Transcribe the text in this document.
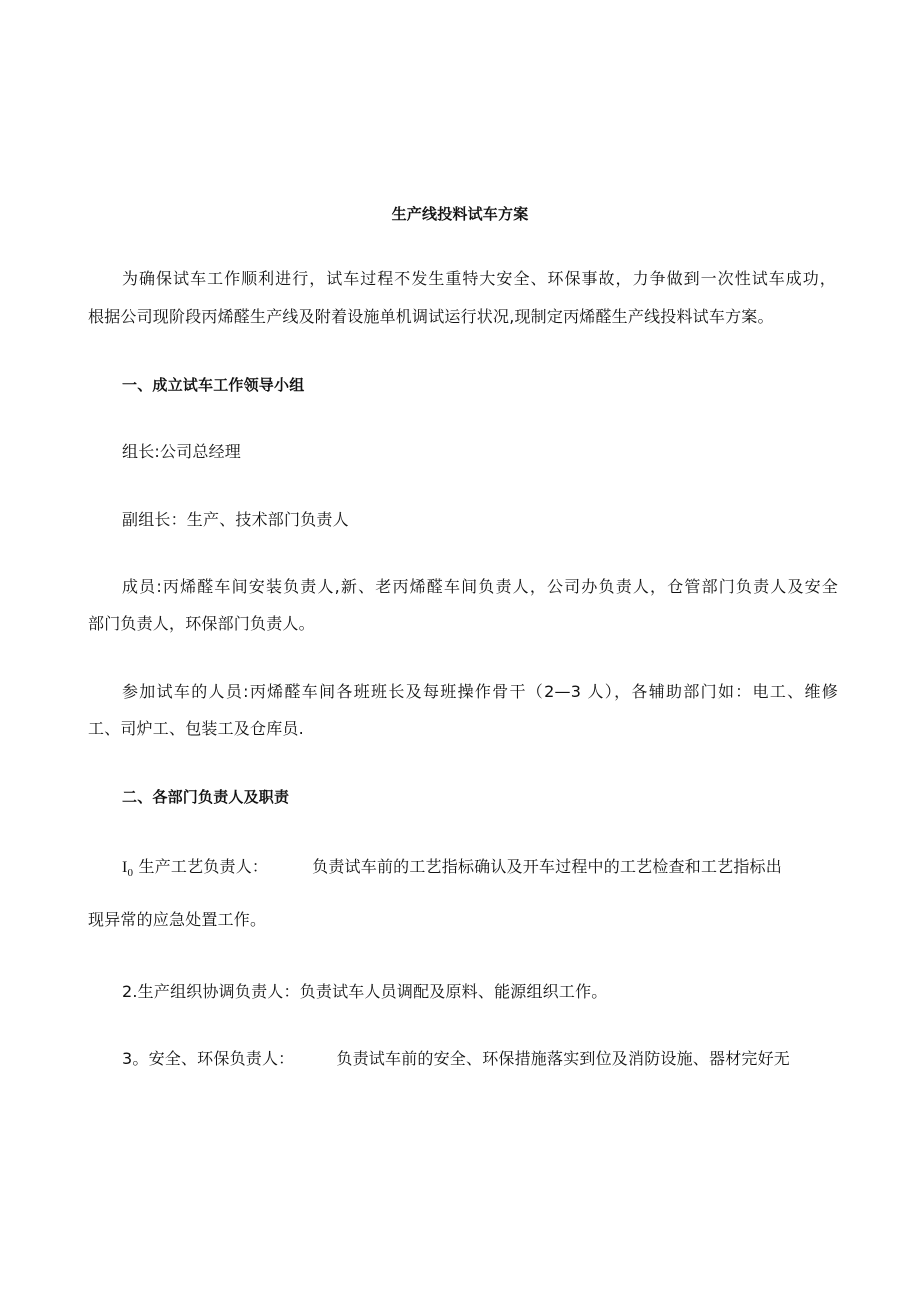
生产线投料试车方案
为确保试车工作顺利进行，试车过程不发生重特大安全、环保事故，力争做到一次性试车成功，
根据公司现阶段丙烯醛生产线及附着设施单机调试运行状况,现制定丙烯醛生产线投料试车方案。
一、成立试车工作领导小组
组长:公司总经理
副组长：生产、技术部门负责人
成员:丙烯醛车间安装负责人,新、老丙烯醛车间负责人，公司办负责人，仓管部门负责人及安全
部门负责人，环保部门负责人。
参加试车的人员:丙烯醛车间各班班长及每班操作骨干（2—3 人），各辅助部门如：电工、维修
工、司炉工、包装工及仓库员.
二、各部门负责人及职责
$I_0$ 生产工艺负责人：	负责试车前的工艺指标确认及开车过程中的工艺检查和工艺指标出
现异常的应急处置工作。
2.生产组织协调负责人：负责试车人员调配及原料、能源组织工作。
3。安全、环保负责人：	负责试车前的安全、环保措施落实到位及消防设施、器材完好无
